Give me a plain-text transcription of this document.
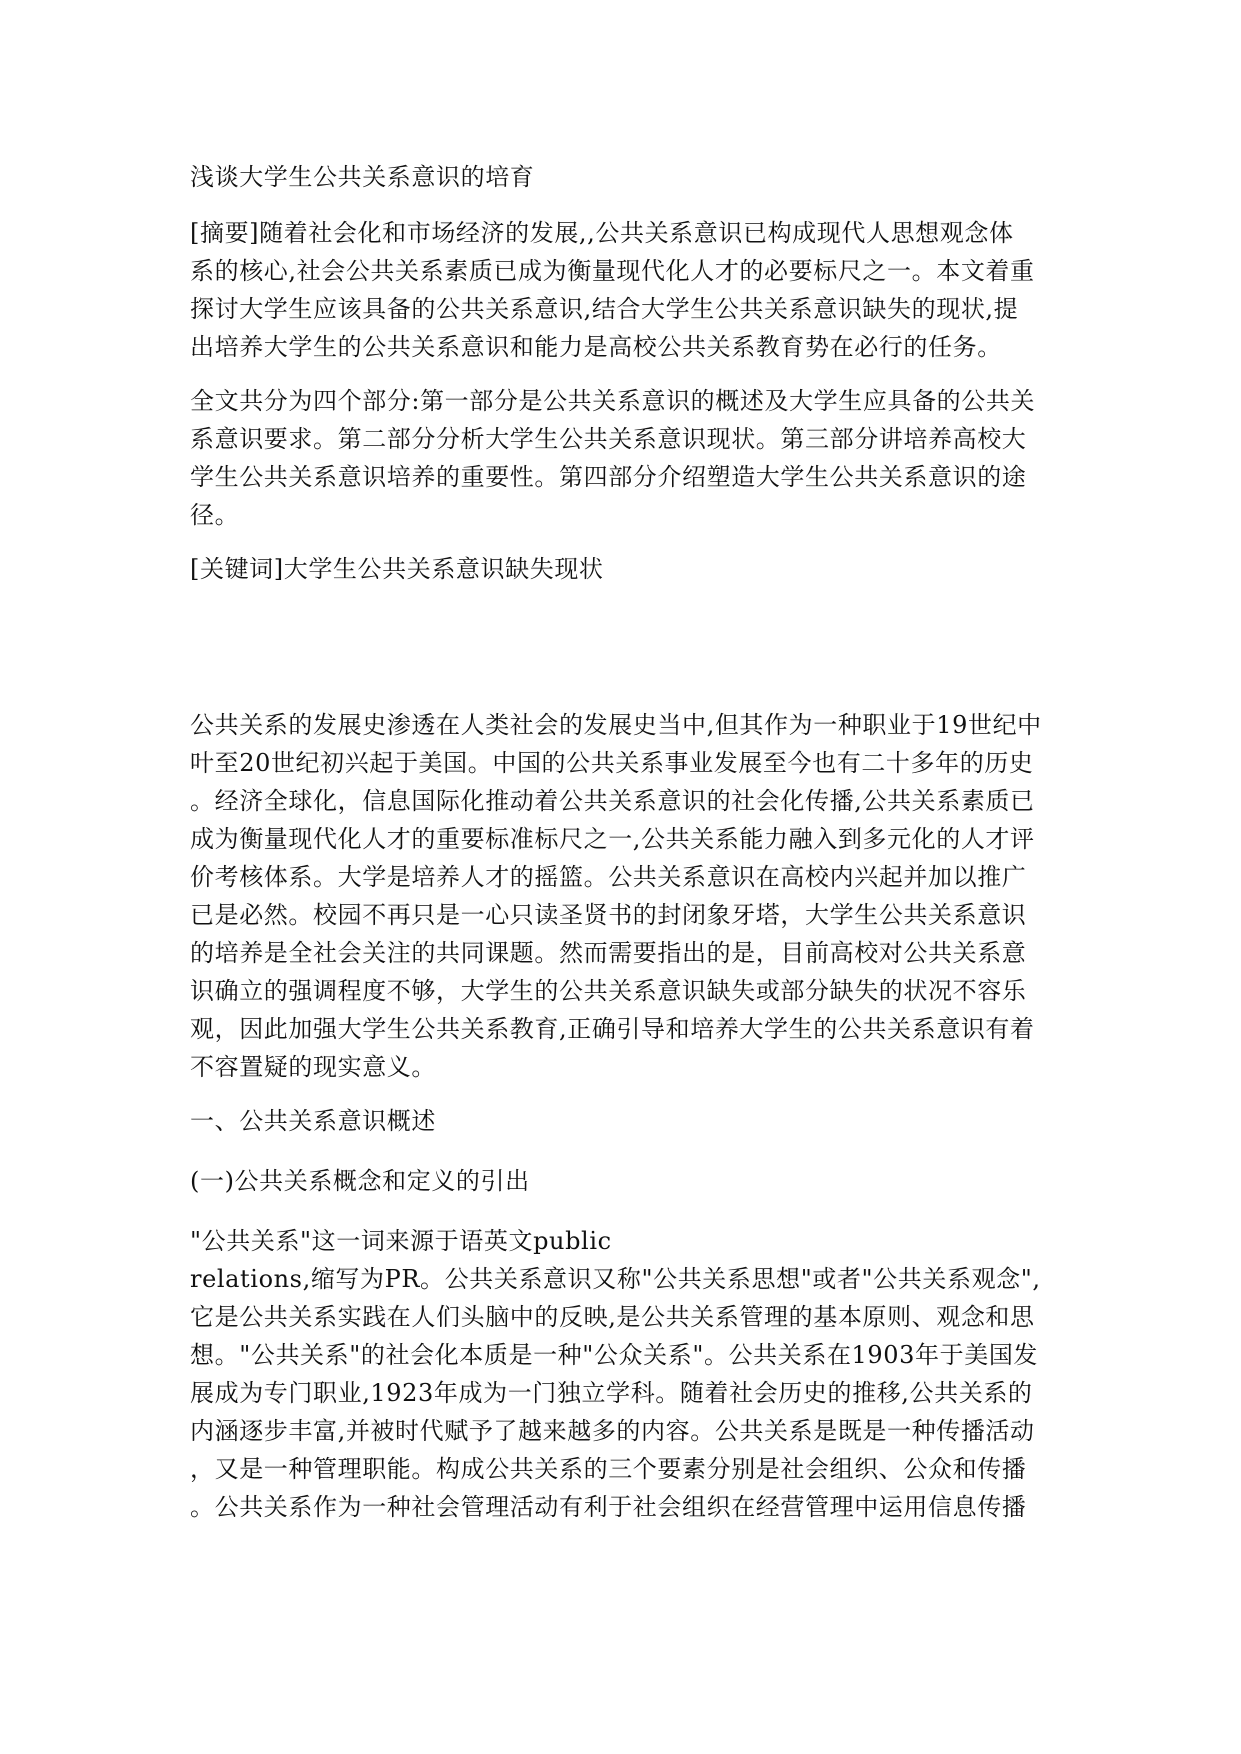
浅谈大学生公共关系意识的培育
[摘要]随着社会化和市场经济的发展,,公共关系意识已构成现代人思想观念体
系的核心,社会公共关系素质已成为衡量现代化人才的必要标尺之一。本文着重
探讨大学生应该具备的公共关系意识,结合大学生公共关系意识缺失的现状,提
出培养大学生的公共关系意识和能力是高校公共关系教育势在必行的任务。
全文共分为四个部分:第一部分是公共关系意识的概述及大学生应具备的公共关
系意识要求。第二部分分析大学生公共关系意识现状。第三部分讲培养高校大
学生公共关系意识培养的重要性。第四部分介绍塑造大学生公共关系意识的途
径。
[关键词]大学生公共关系意识缺失现状
公共关系的发展史渗透在人类社会的发展史当中,但其作为一种职业于19世纪中
叶至20世纪初兴起于美国。中国的公共关系事业发展至今也有二十多年的历史
。经济全球化，信息国际化推动着公共关系意识的社会化传播,公共关系素质已
成为衡量现代化人才的重要标准标尺之一,公共关系能力融入到多元化的人才评
价考核体系。大学是培养人才的摇篮。公共关系意识在高校内兴起并加以推广
已是必然。校园不再只是一心只读圣贤书的封闭象牙塔，大学生公共关系意识
的培养是全社会关注的共同课题。然而需要指出的是，目前高校对公共关系意
识确立的强调程度不够，大学生的公共关系意识缺失或部分缺失的状况不容乐
观，因此加强大学生公共关系教育,正确引导和培养大学生的公共关系意识有着
不容置疑的现实意义。
一、公共关系意识概述
(一)公共关系概念和定义的引出
"公共关系"这一词来源于语英文public
relations,缩写为PR。公共关系意识又称"公共关系思想"或者"公共关系观念",
它是公共关系实践在人们头脑中的反映,是公共关系管理的基本原则、观念和思
想。"公共关系"的社会化本质是一种"公众关系"。公共关系在1903年于美国发
展成为专门职业,1923年成为一门独立学科。随着社会历史的推移,公共关系的
内涵逐步丰富,并被时代赋予了越来越多的内容。公共关系是既是一种传播活动
，又是一种管理职能。构成公共关系的三个要素分别是社会组织、公众和传播
。公共关系作为一种社会管理活动有利于社会组织在经营管理中运用信息传播
